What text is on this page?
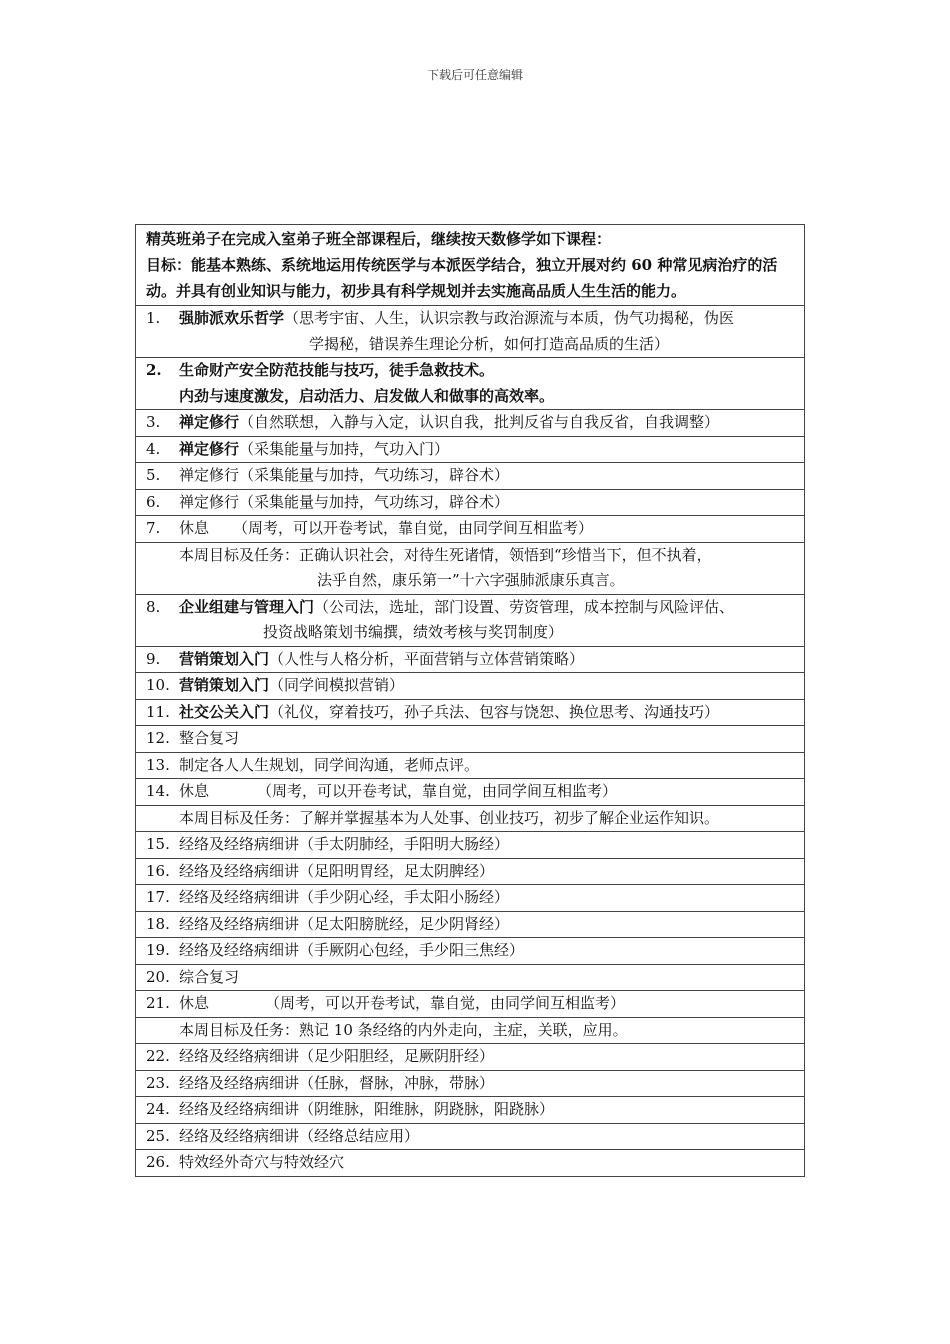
下载后可任意编辑
精英班弟子在完成入室弟子班全部课程后，继续按天数修学如下课程：
目标：能基本熟练、系统地运用传统医学与本派医学结合，独立开展对约 60 种常见病治疗的活动。并具有创业知识与能力，初步具有科学规划并去实施高品质人生生活的能力。
1.	强肺派欢乐哲学（思考宇宙、人生，认识宗教与政治源流与本质，伪气功揭秘，伪医
学揭秘，错误养生理论分析，如何打造高品质的生活）
2.	生命财产安全防范技能与技巧，徒手急救技术。
内劲与速度激发，启动活力、启发做人和做事的高效率。
3.	禅定修行（自然联想，入静与入定，认识自我，批判反省与自我反省，自我调整）
4.	禅定修行（采集能量与加持，气功入门）
5.	禅定修行（采集能量与加持，气功练习，辟谷术）
6.	禅定修行（采集能量与加持，气功练习，辟谷术）
7.	休息 （周考，可以开卷考试，靠自觉，由同学间互相监考）
本周目标及任务：正确认识社会，对待生死诸情，领悟到“珍惜当下，但不执着，
法乎自然，康乐第一”十六字强肺派康乐真言。
8.	企业组建与管理入门（公司法，选址，部门设置、劳资管理，成本控制与风险评估、
投资战略策划书编撰，绩效考核与奖罚制度）
9.	营销策划入门（人性与人格分析，平面营销与立体营销策略）
10. 营销策划入门（同学间模拟营销）
11. 社交公关入门（礼仪，穿着技巧，孙子兵法、包容与饶恕、换位思考、沟通技巧）
12. 整合复习
13. 制定各人人生规划，同学间沟通，老师点评。
14. 休息	（周考，可以开卷考试，靠自觉，由同学间互相监考）
本周目标及任务：了解并掌握基本为人处事、创业技巧，初步了解企业运作知识。
15. 经络及经络病细讲（手太阴肺经，手阳明大肠经）
16. 经络及经络病细讲（足阳明胃经，足太阴脾经）
17. 经络及经络病细讲（手少阴心经，手太阳小肠经）
18. 经络及经络病细讲（足太阳膀胱经，足少阴肾经）
19. 经络及经络病细讲（手厥阴心包经，手少阳三焦经）
20. 综合复习
21. 休息	（周考，可以开卷考试，靠自觉，由同学间互相监考）
本周目标及任务：熟记 10 条经络的内外走向，主症，关联，应用。
22. 经络及经络病细讲（足少阳胆经，足厥阴肝经）
23. 经络及经络病细讲（任脉，督脉，冲脉，带脉）
24. 经络及经络病细讲（阴维脉，阳维脉，阴跷脉，阳跷脉）
25. 经络及经络病细讲（经络总结应用）
26. 特效经外奇穴与特效经穴
